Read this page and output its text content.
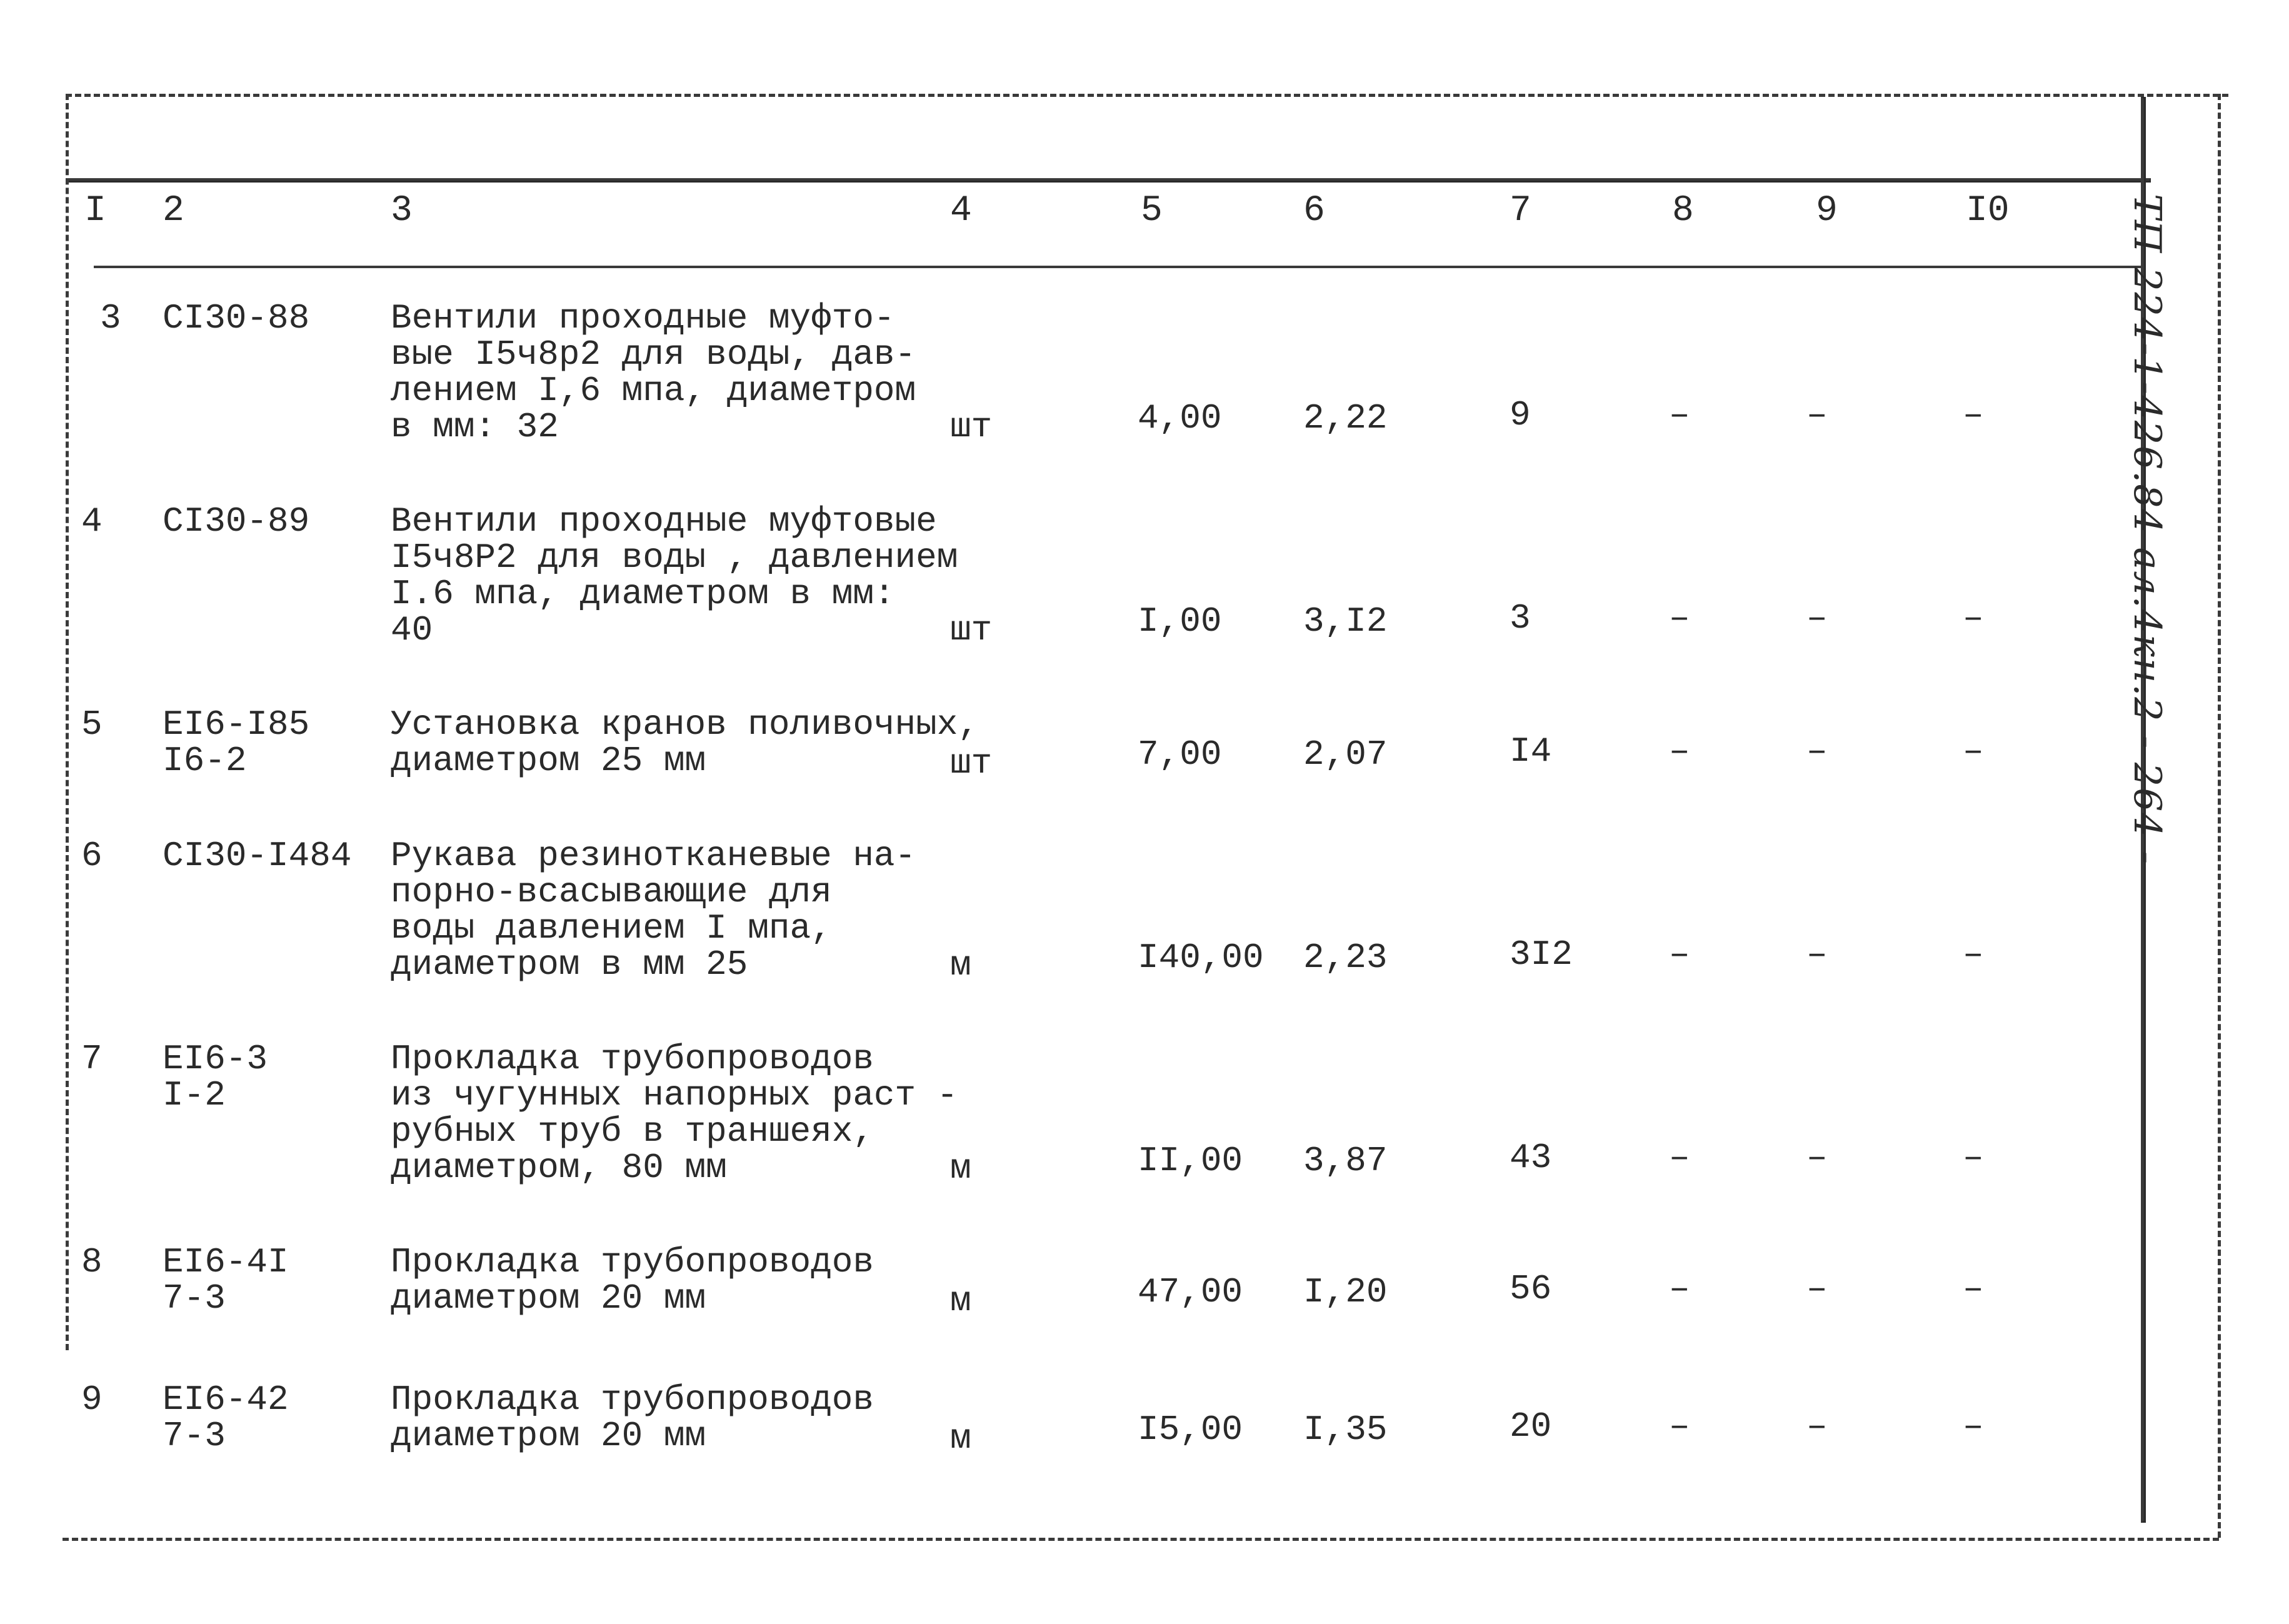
I 2	3	4	5	6	7	8	9	I0
3 СI30-88 Вентили проходные муфто-
вые I5ч8р2 для воды, дав-
лением I,6 мпа, диаметром
в мм: 32	шт	4,00 2,22	9	–	–	–
4 СI30-89 Вентили проходные муфтовые
I5ч8Р2 для воды , давлением
I.6 мпа, диаметром в мм:
40	шт	I,00 3,I2	3	–	–	–
5 ЕI6-I85
I6-2
Установка кранов поливочных,
диаметром 25 мм	шт	7,00 2,07	I4	–	–	–
6 СI30-I484 Рукава резинотканевые на-
порно-всасывающие для
воды давлением I мпа,
диаметром в мм 25	м	I40,00 2,23	3I2	–	–	–
7 ЕI6-3
I-2
Прокладка трубопроводов
из чугунных напорных раст -
рубных труб в траншеях,
диаметром, 80 мм	м	II,00 3,87	43	–	–	–
8 ЕI6-4I
7-3
Прокладка трубопроводов
диаметром 20 мм	м	47,00 I,20	56	–	–	–
9 ЕI6-42
7-3
Прокладка трубопроводов
диаметром 20 мм	м	I5,00 I,35	20	–	–	–
ТП 224-1-426.84 ал.4кн.2 - 264 -
